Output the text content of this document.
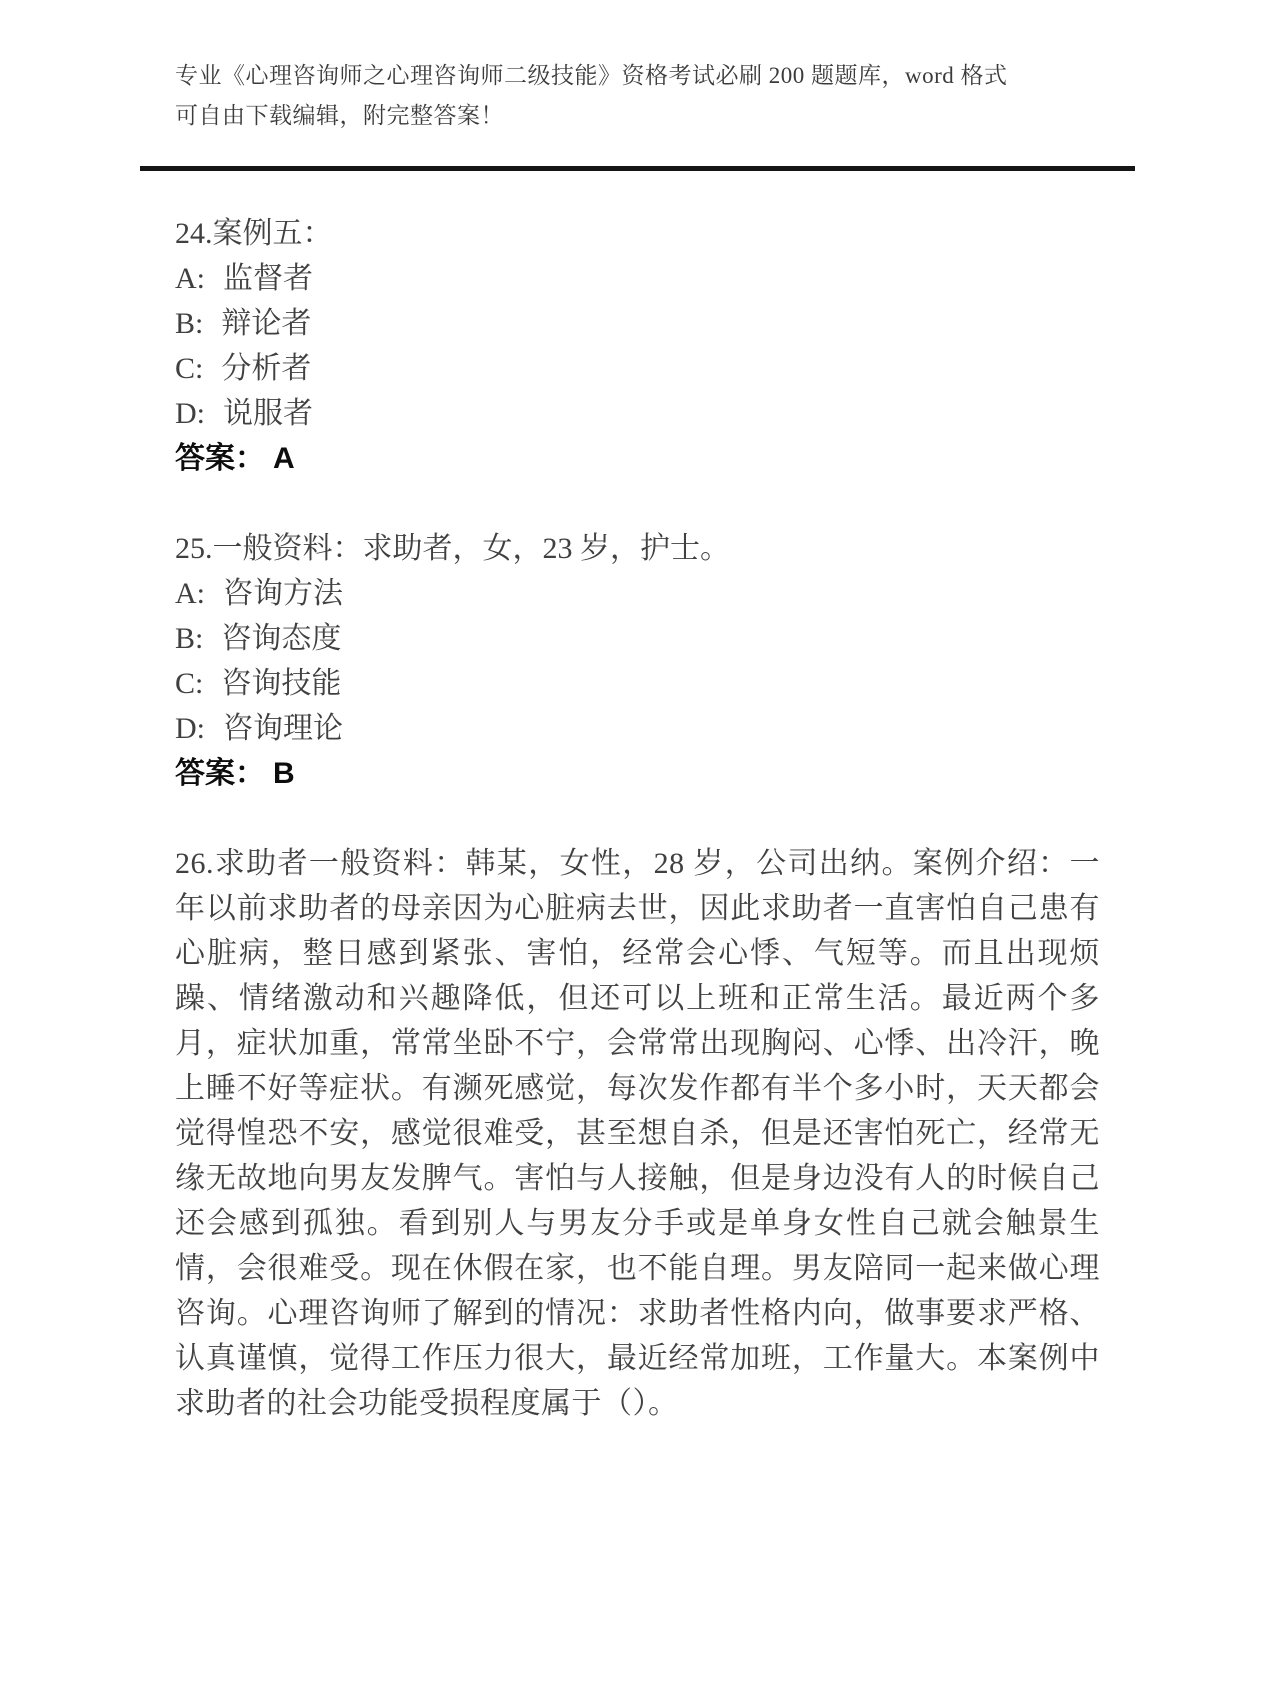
专业《心理咨询师之心理咨询师二级技能》资格考试必刷 200 题题库，word 格式
可自由下载编辑，附完整答案！
24.案例五：
A: 监督者
B: 辩论者
C: 分析者
D: 说服者
答案： A
25.一般资料：求助者，女，23 岁，护士。
A: 咨询方法
B: 咨询态度
C: 咨询技能
D: 咨询理论
答案： B
26.求助者一般资料：韩某，女性，28 岁，公司出纳。案例介绍：一年以前求助者的母亲因为心脏病去世，因此求助者一直害怕自己患有心脏病，整日感到紧张、害怕，经常会心悸、气短等。而且出现烦躁、情绪激动和兴趣降低，但还可以上班和正常生活。最近两个多月，症状加重，常常坐卧不宁，会常常出现胸闷、心悸、出冷汗，晚上睡不好等症状。有濒死感觉，每次发作都有半个多小时，天天都会觉得惶恐不安，感觉很难受，甚至想自杀，但是还害怕死亡，经常无缘无故地向男友发脾气。害怕与人接触，但是身边没有人的时候自己还会感到孤独。看到别人与男友分手或是单身女性自己就会触景生情，会很难受。现在休假在家，也不能自理。男友陪同一起来做心理咨询。心理咨询师了解到的情况：求助者性格内向，做事要求严格、认真谨慎，觉得工作压力很大，最近经常加班，工作量大。本案例中求助者的社会功能受损程度属于（）。
